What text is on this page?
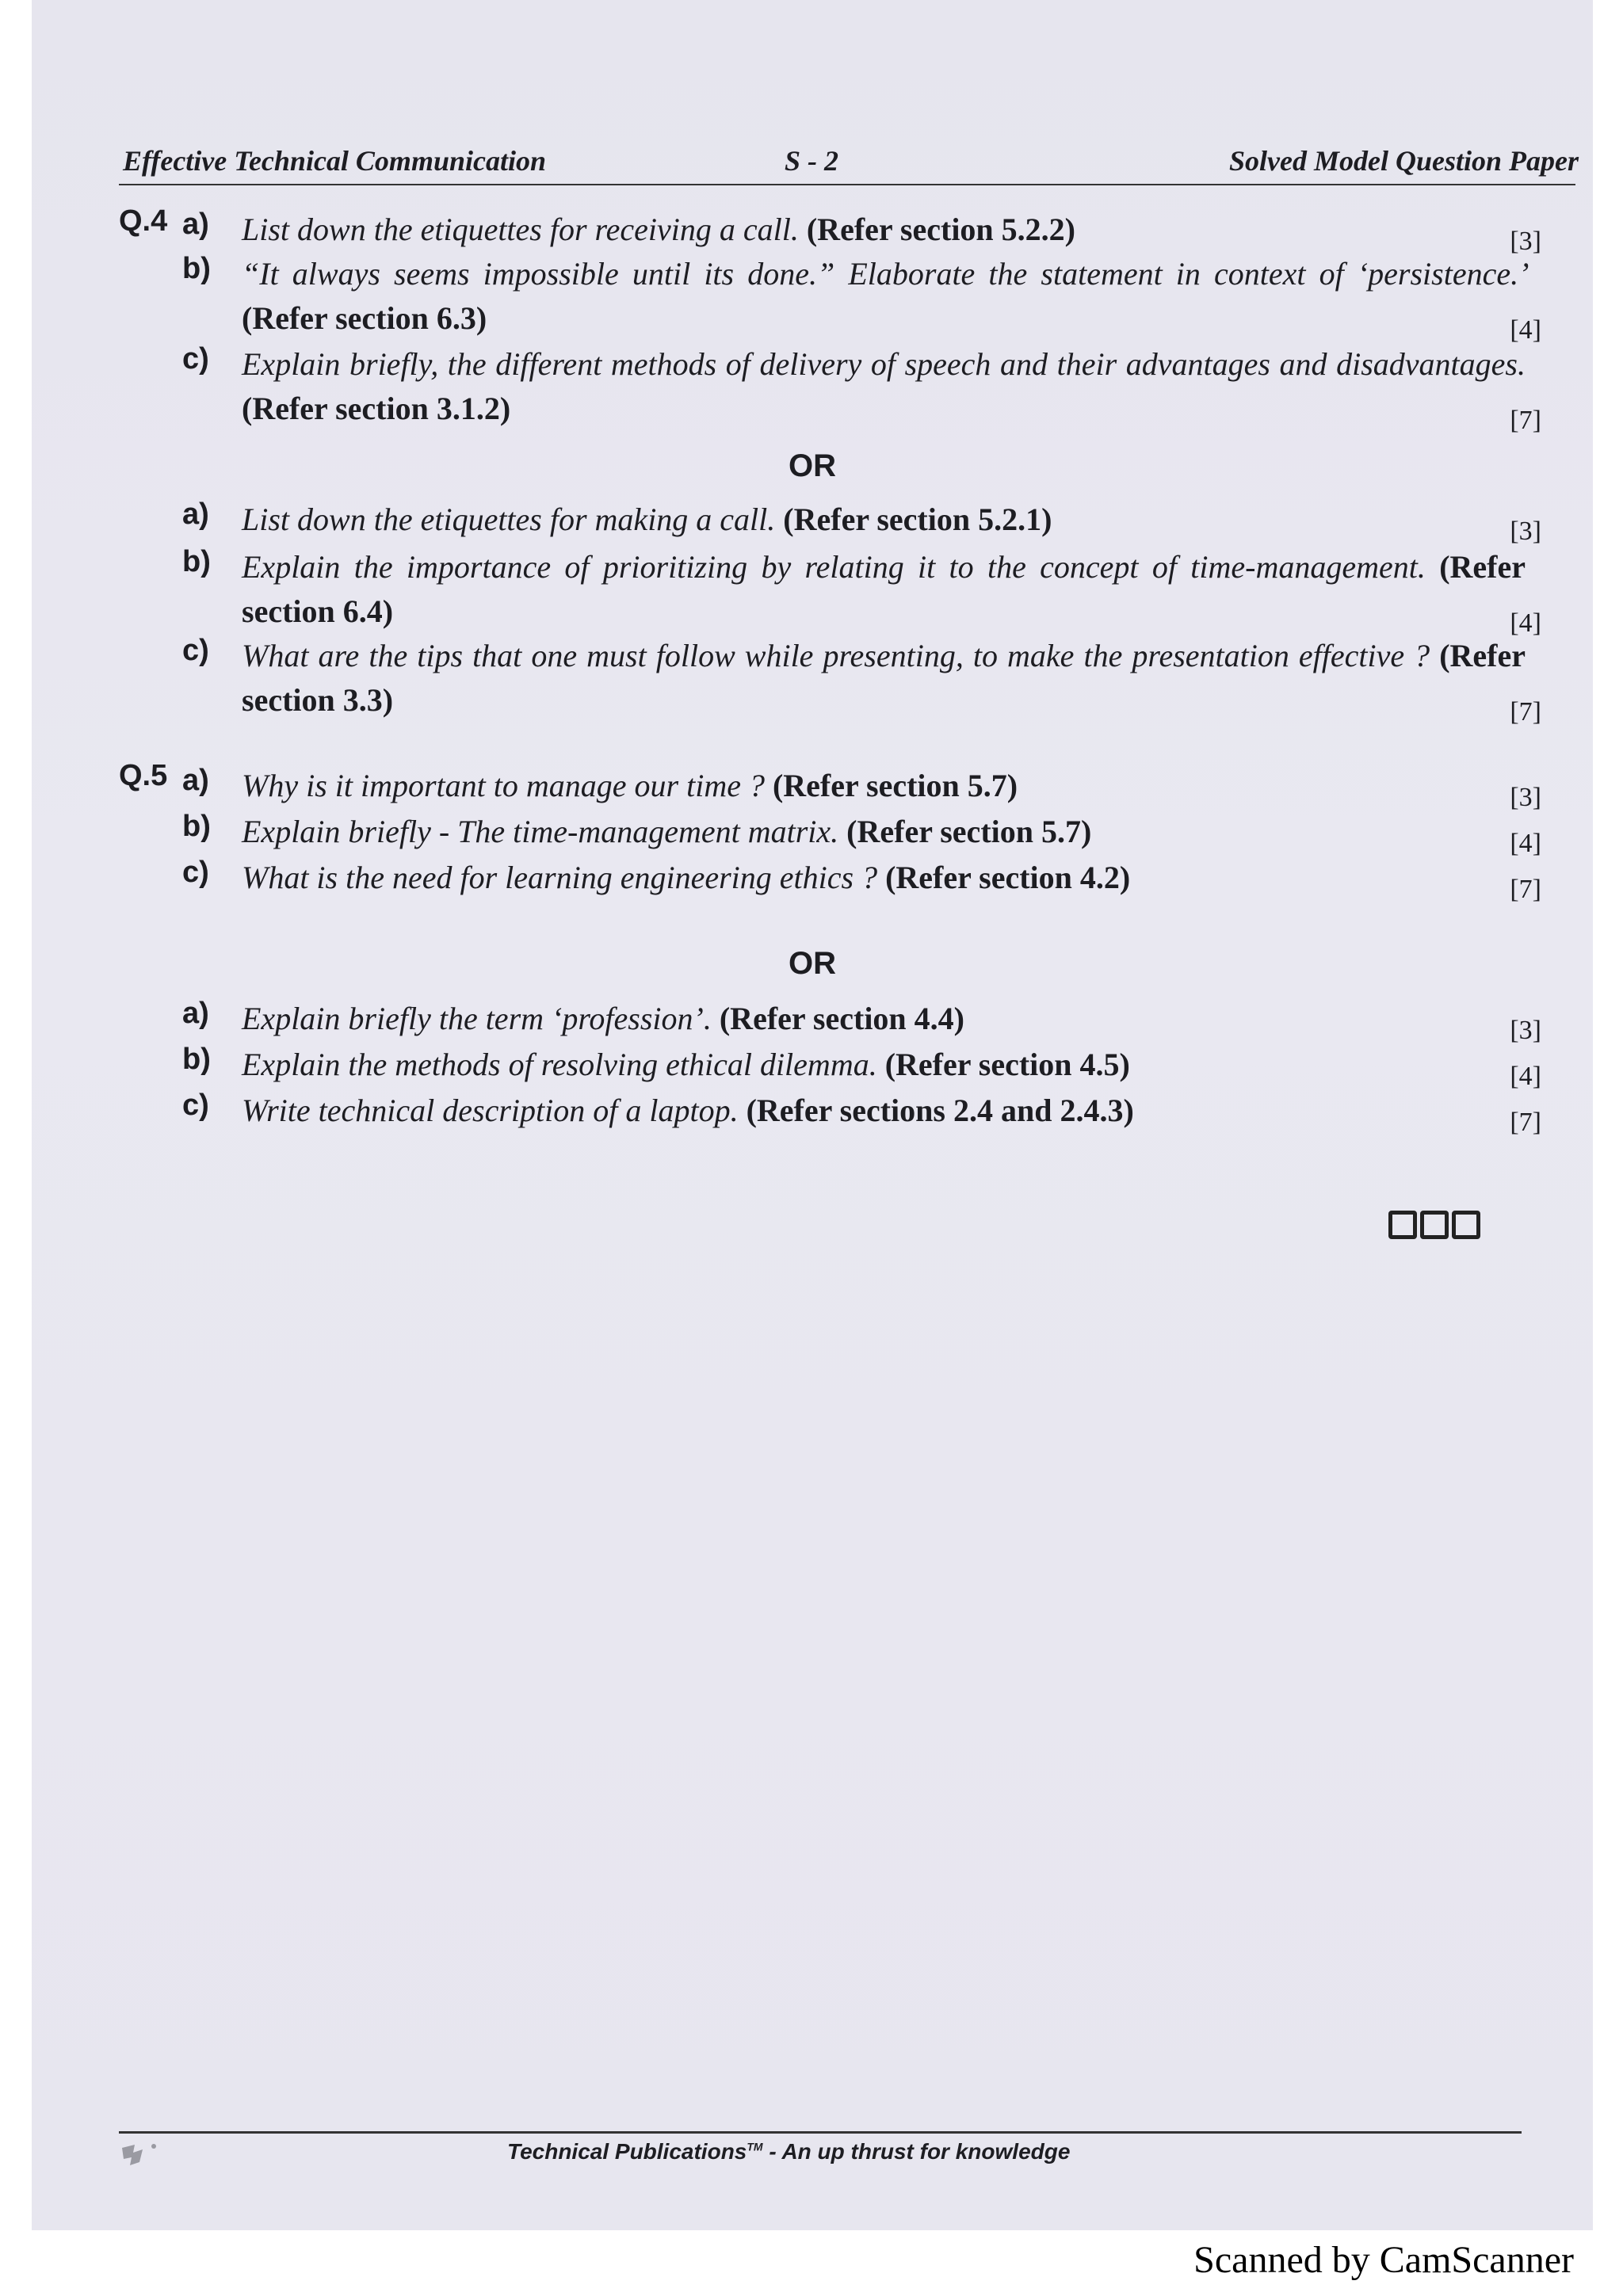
Effective Technical Communication	S - 2	Solved Model Question Paper
Q.4 a) List down the etiquettes for receiving a call. (Refer section 5.2.2)	[3]
b) “It always seems impossible until its done.” Elaborate the statement in context of ‘persistence.’ (Refer section 6.3)	[4]
c) Explain briefly, the different methods of delivery of speech and their advantages and disadvantages. (Refer section 3.1.2)	[7]
OR
a) List down the etiquettes for making a call. (Refer section 5.2.1)	[3]
b) Explain the importance of prioritizing by relating it to the concept of time-management. (Refer section 6.4)	[4]
c) What are the tips that one must follow while presenting, to make the presentation effective ? (Refer section 3.3)	[7]
Q.5 a) Why is it important to manage our time ? (Refer section 5.7)	[3]
b) Explain briefly - The time-management matrix. (Refer section 5.7)	[4]
c) What is the need for learning engineering ethics ? (Refer section 4.2)	[7]
OR
a) Explain briefly the term ‘profession’. (Refer section 4.4)	[3]
b) Explain the methods of resolving ethical dilemma. (Refer section 4.5)	[4]
c) Write technical description of a laptop. (Refer sections 2.4 and 2.4.3)	[7]
Technical Publications™ - An up thrust for knowledge
Scanned by CamScanner
